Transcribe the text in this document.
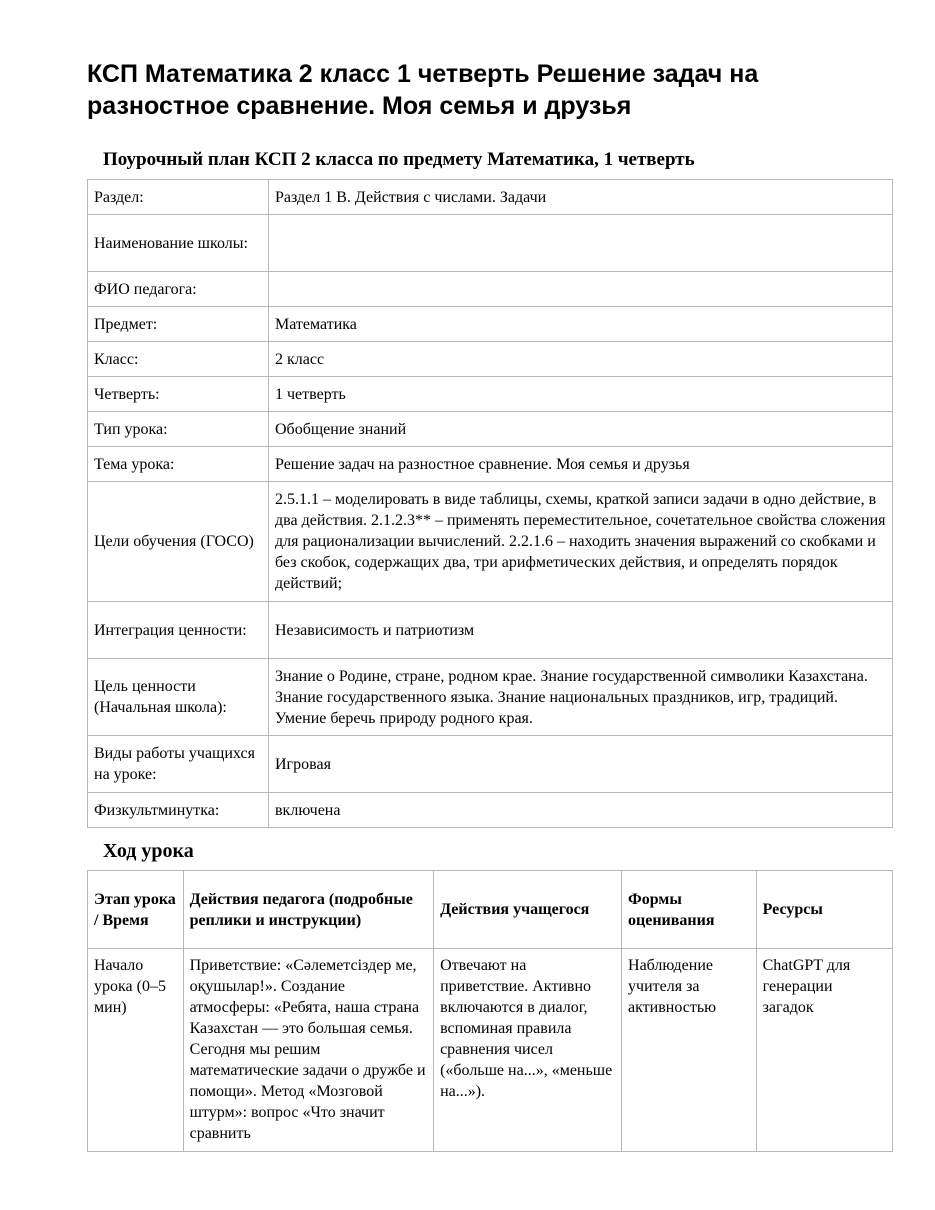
КСП Математика 2 класс 1 четверть Решение задач на разностное сравнение. Моя семья и друзья
Поурочный план КСП 2 класса по предмету Математика, 1 четверть
Раздел:	Раздел 1 В. Действия с числами. Задачи
Наименование школы:	
ФИО педагога:	
Предмет:	Математика
Класс:	2 класс
Четверть:	1 четверть
Тип урока:	Обобщение знаний
Тема урока:	Решение задач на разностное сравнение. Моя семья и друзья
Цели обучения (ГОСО)	2.5.1.1 – моделировать в виде таблицы, схемы, краткой записи задачи в одно действие, в два действия. 2.1.2.3** – применять переместительное, сочетательное свойства сложения для рационализации вычислений. 2.2.1.6 – находить значения выражений со скобками и без скобок, содержащих два, три арифметических действия, и определять порядок действий;
Интеграция ценности:	Независимость и патриотизм
Цель ценности (Начальная школа):	Знание о Родине, стране, родном крае. Знание государственной символики Казахстана. Знание государственного языка. Знание национальных праздников, игр, традиций. Умение беречь природу родного края.
Виды работы учащихся на уроке:	Игровая
Физкультминутка:	включена
Ход урока
Этап урока / Время	Действия педагога (подробные реплики и инструкции)	Действия учащегося	Формы оценивания	Ресурсы
Начало урока (0–5 мин)	Приветствие: «Сәлеметсіздер ме, оқушылар!». Создание атмосферы: «Ребята, наша страна Казахстан — это большая семья. Сегодня мы решим математические задачи о дружбе и помощи». Метод «Мозговой штурм»: вопрос «Что значит сравнить	Отвечают на приветствие. Активно включаются в диалог, вспоминая правила сравнения чисел («больше на...», «меньше на...»).	Наблюдение учителя за активностью	ChatGPT для генерации загадок
